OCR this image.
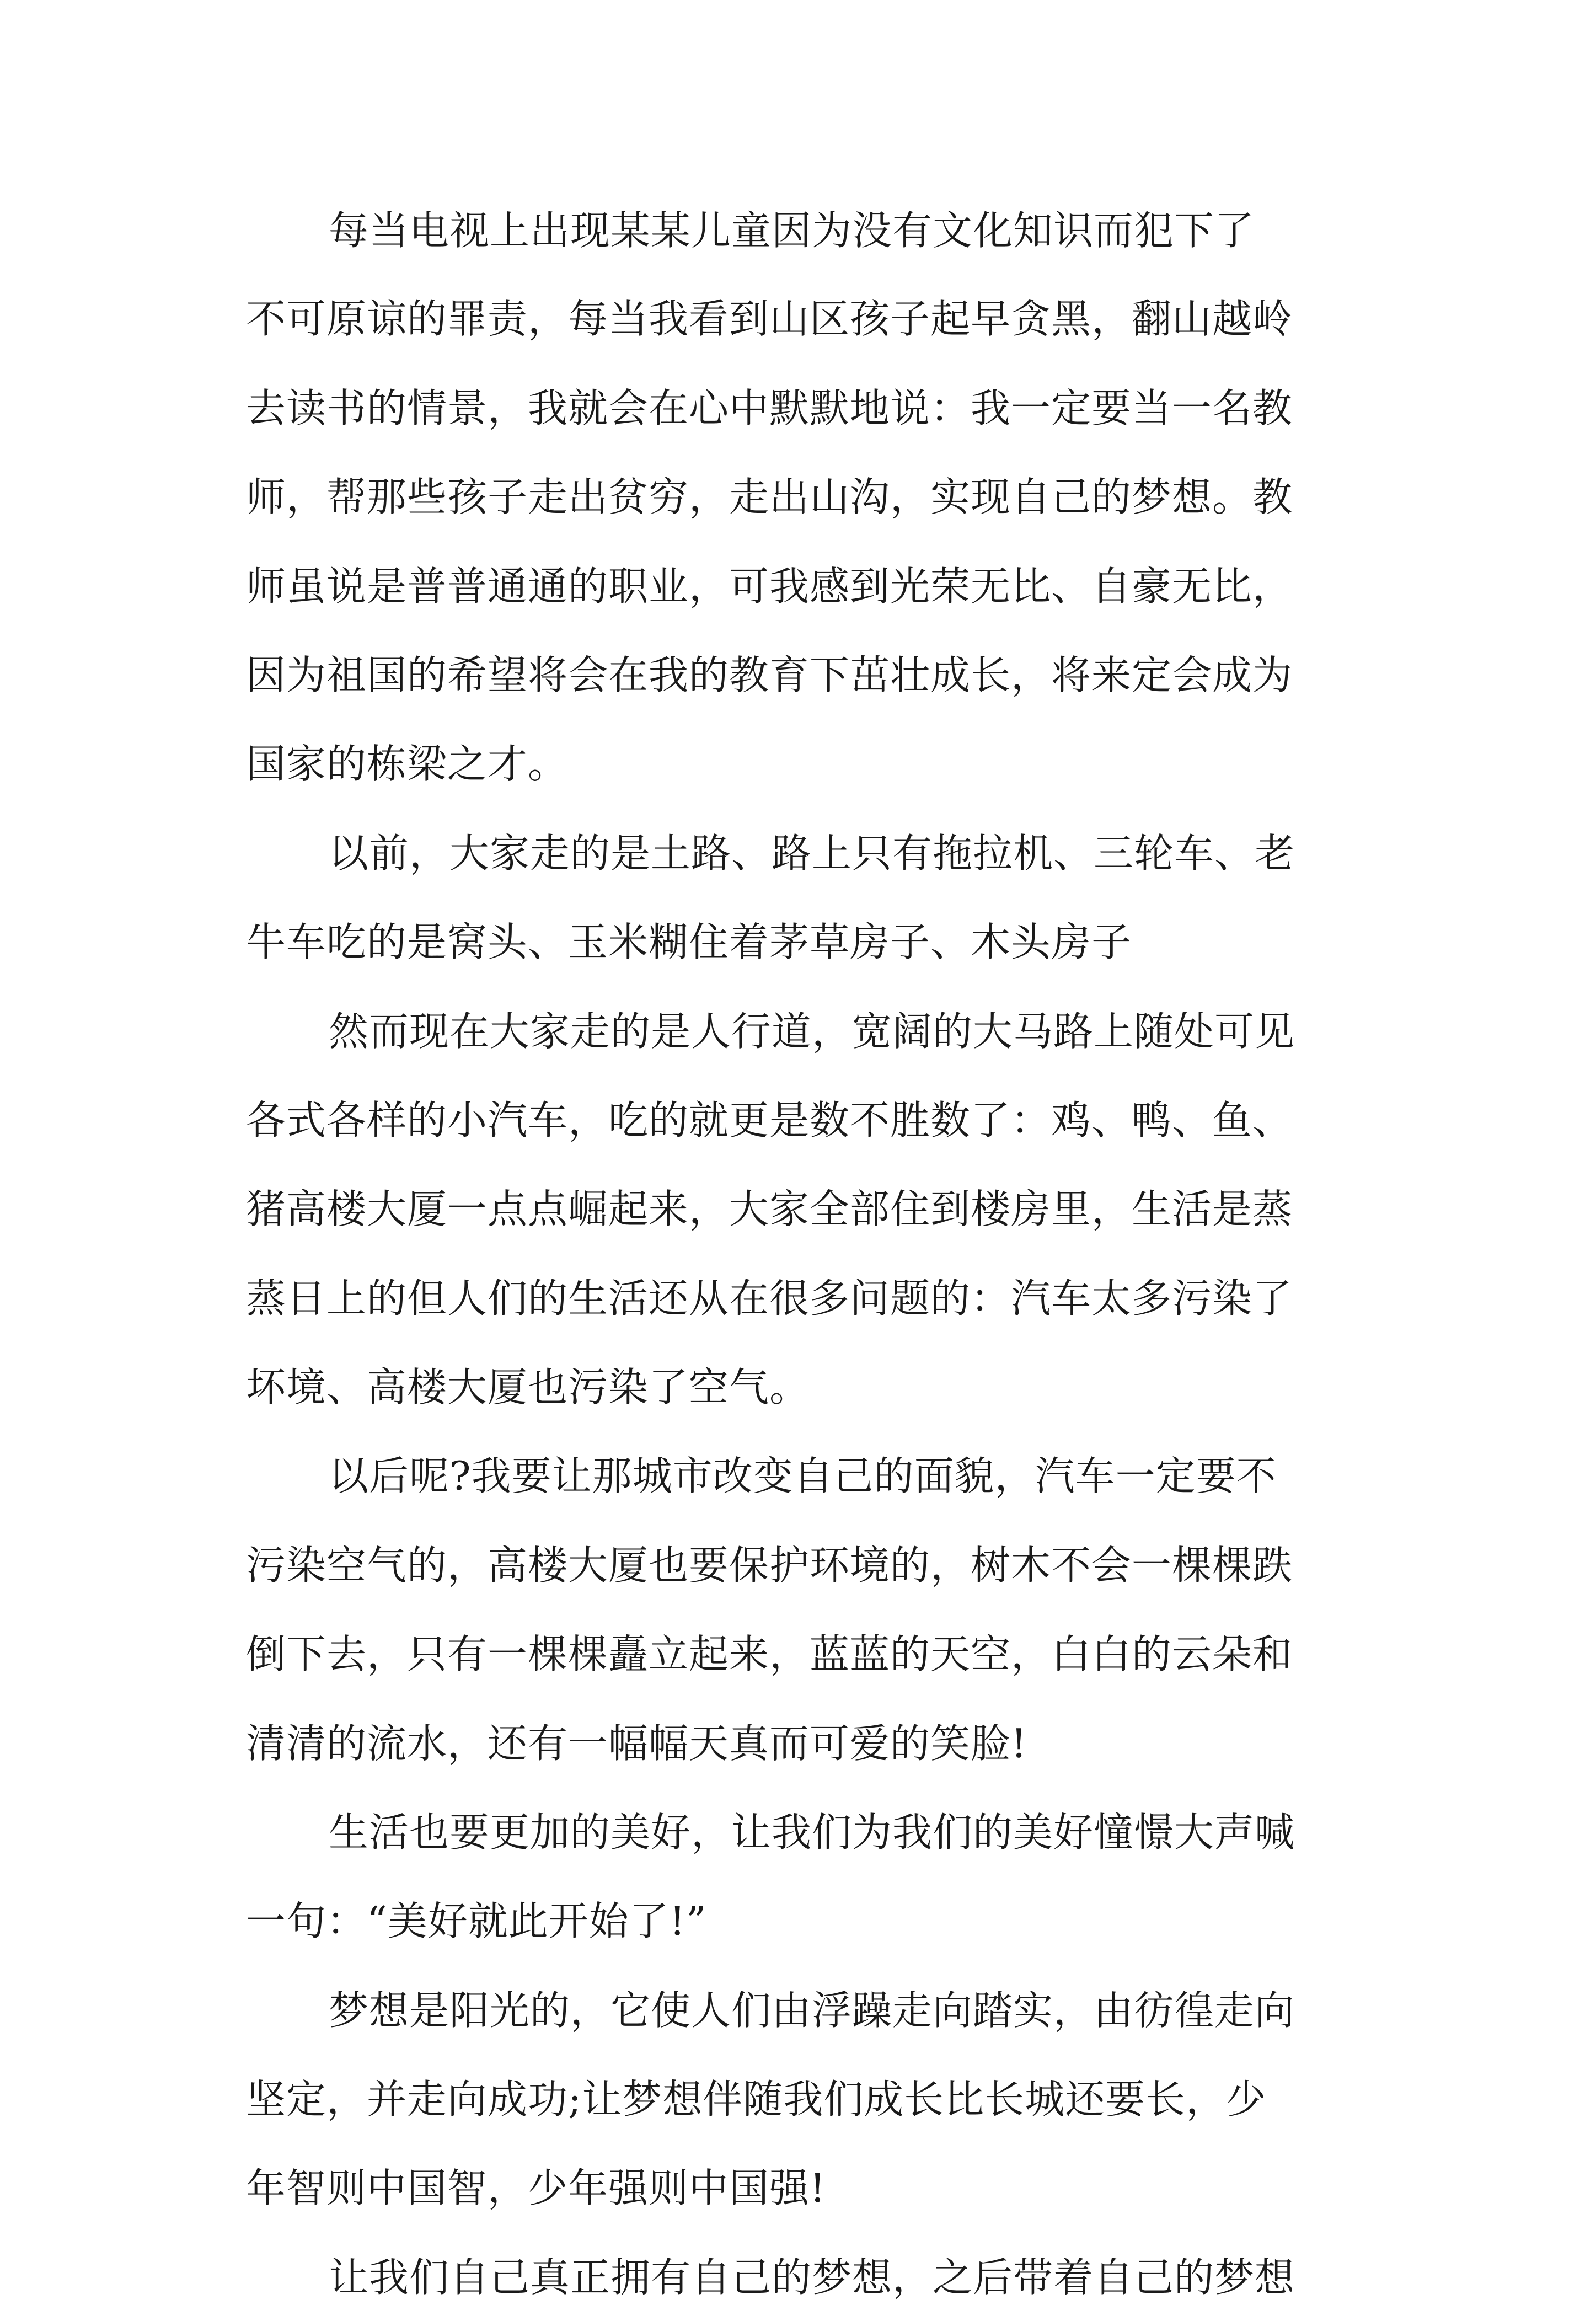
每当电视上出现某某儿童因为没有文化知识而犯下了
不可原谅的罪责，每当我看到山区孩子起早贪黑，翻山越岭
去读书的情景，我就会在心中默默地说：我一定要当一名教
师，帮那些孩子走出贫穷，走出山沟，实现自己的梦想。教
师虽说是普普通通的职业，可我感到光荣无比、自豪无比，
因为祖国的希望将会在我的教育下茁壮成长，将来定会成为
国家的栋梁之才。
以前，大家走的是土路、路上只有拖拉机、三轮车、老
牛车吃的是窝头、玉米糊住着茅草房子、木头房子
然而现在大家走的是人行道，宽阔的大马路上随处可见
各式各样的小汽车，吃的就更是数不胜数了：鸡、鸭、鱼、
猪高楼大厦一点点崛起来，大家全部住到楼房里，生活是蒸
蒸日上的但人们的生活还从在很多问题的：汽车太多污染了
坏境、高楼大厦也污染了空气。
以后呢?我要让那城市改变自己的面貌，汽车一定要不
污染空气的，高楼大厦也要保护环境的，树木不会一棵棵跌
倒下去，只有一棵棵矗立起来，蓝蓝的天空，白白的云朵和
清清的流水，还有一幅幅天真而可爱的笑脸!
生活也要更加的美好，让我们为我们的美好憧憬大声喊
一句：“美好就此开始了!”
梦想是阳光的，它使人们由浮躁走向踏实，由彷徨走向
坚定，并走向成功;让梦想伴随我们成长比长城还要长，少
年智则中国智，少年强则中国强!
让我们自己真正拥有自己的梦想，之后带着自己的梦想
